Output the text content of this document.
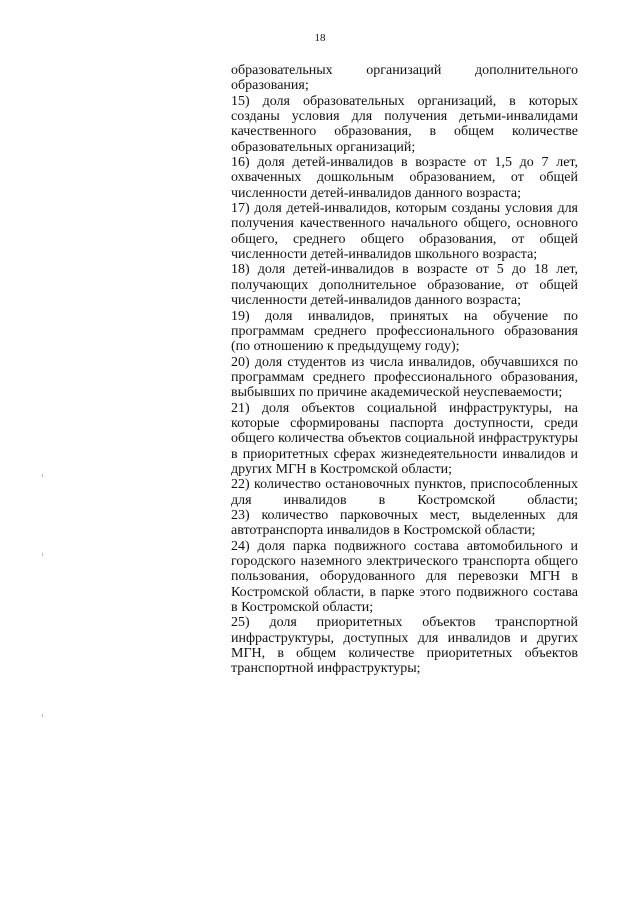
18

образовательных организаций дополнительного образования;

15) доля образовательных организаций, в которых созданы условия для получения детьми-инвалидами качественного образования, в общем количестве образовательных организаций;

16) доля детей-инвалидов в возрасте от 1,5 до 7 лет, охваченных дошкольным образованием, от общей численности детей-инвалидов данного возраста;

17) доля детей-инвалидов, которым созданы условия для получения качественного начального общего, основного общего, среднего общего образования, от общей численности детей-инвалидов школьного возраста;

18) доля детей-инвалидов в возрасте от 5 до 18 лет, получающих дополнительное образование, от общей численности детей-инвалидов данного возраста;

19) доля инвалидов, принятых на обучение по программам среднего профессионального образования (по отношению к предыдущему году);

20) доля студентов из числа инвалидов, обучавшихся по программам среднего профессионального образования, выбывших по причине академической неуспеваемости;

21) доля объектов социальной инфраструктуры, на которые сформированы паспорта доступности, среди общего количества объектов социальной инфраструктуры в приоритетных сферах жизнедеятельности инвалидов и других МГН в Костромской области;

22) количество остановочных пунктов, приспособленных для инвалидов в Костромской области;

23) количество парковочных мест, выделенных для автотранспорта инвалидов в Костромской области;

24) доля парка подвижного состава автомобильного и городского наземного электрического транспорта общего пользования, оборудованного для перевозки МГН в Костромской области, в парке этого подвижного состава в Костромской области;

25) доля приоритетных объектов транспортной инфраструктуры, доступных для инвалидов и других МГН, в общем количестве приоритетных объектов транспортной инфраструктуры;
